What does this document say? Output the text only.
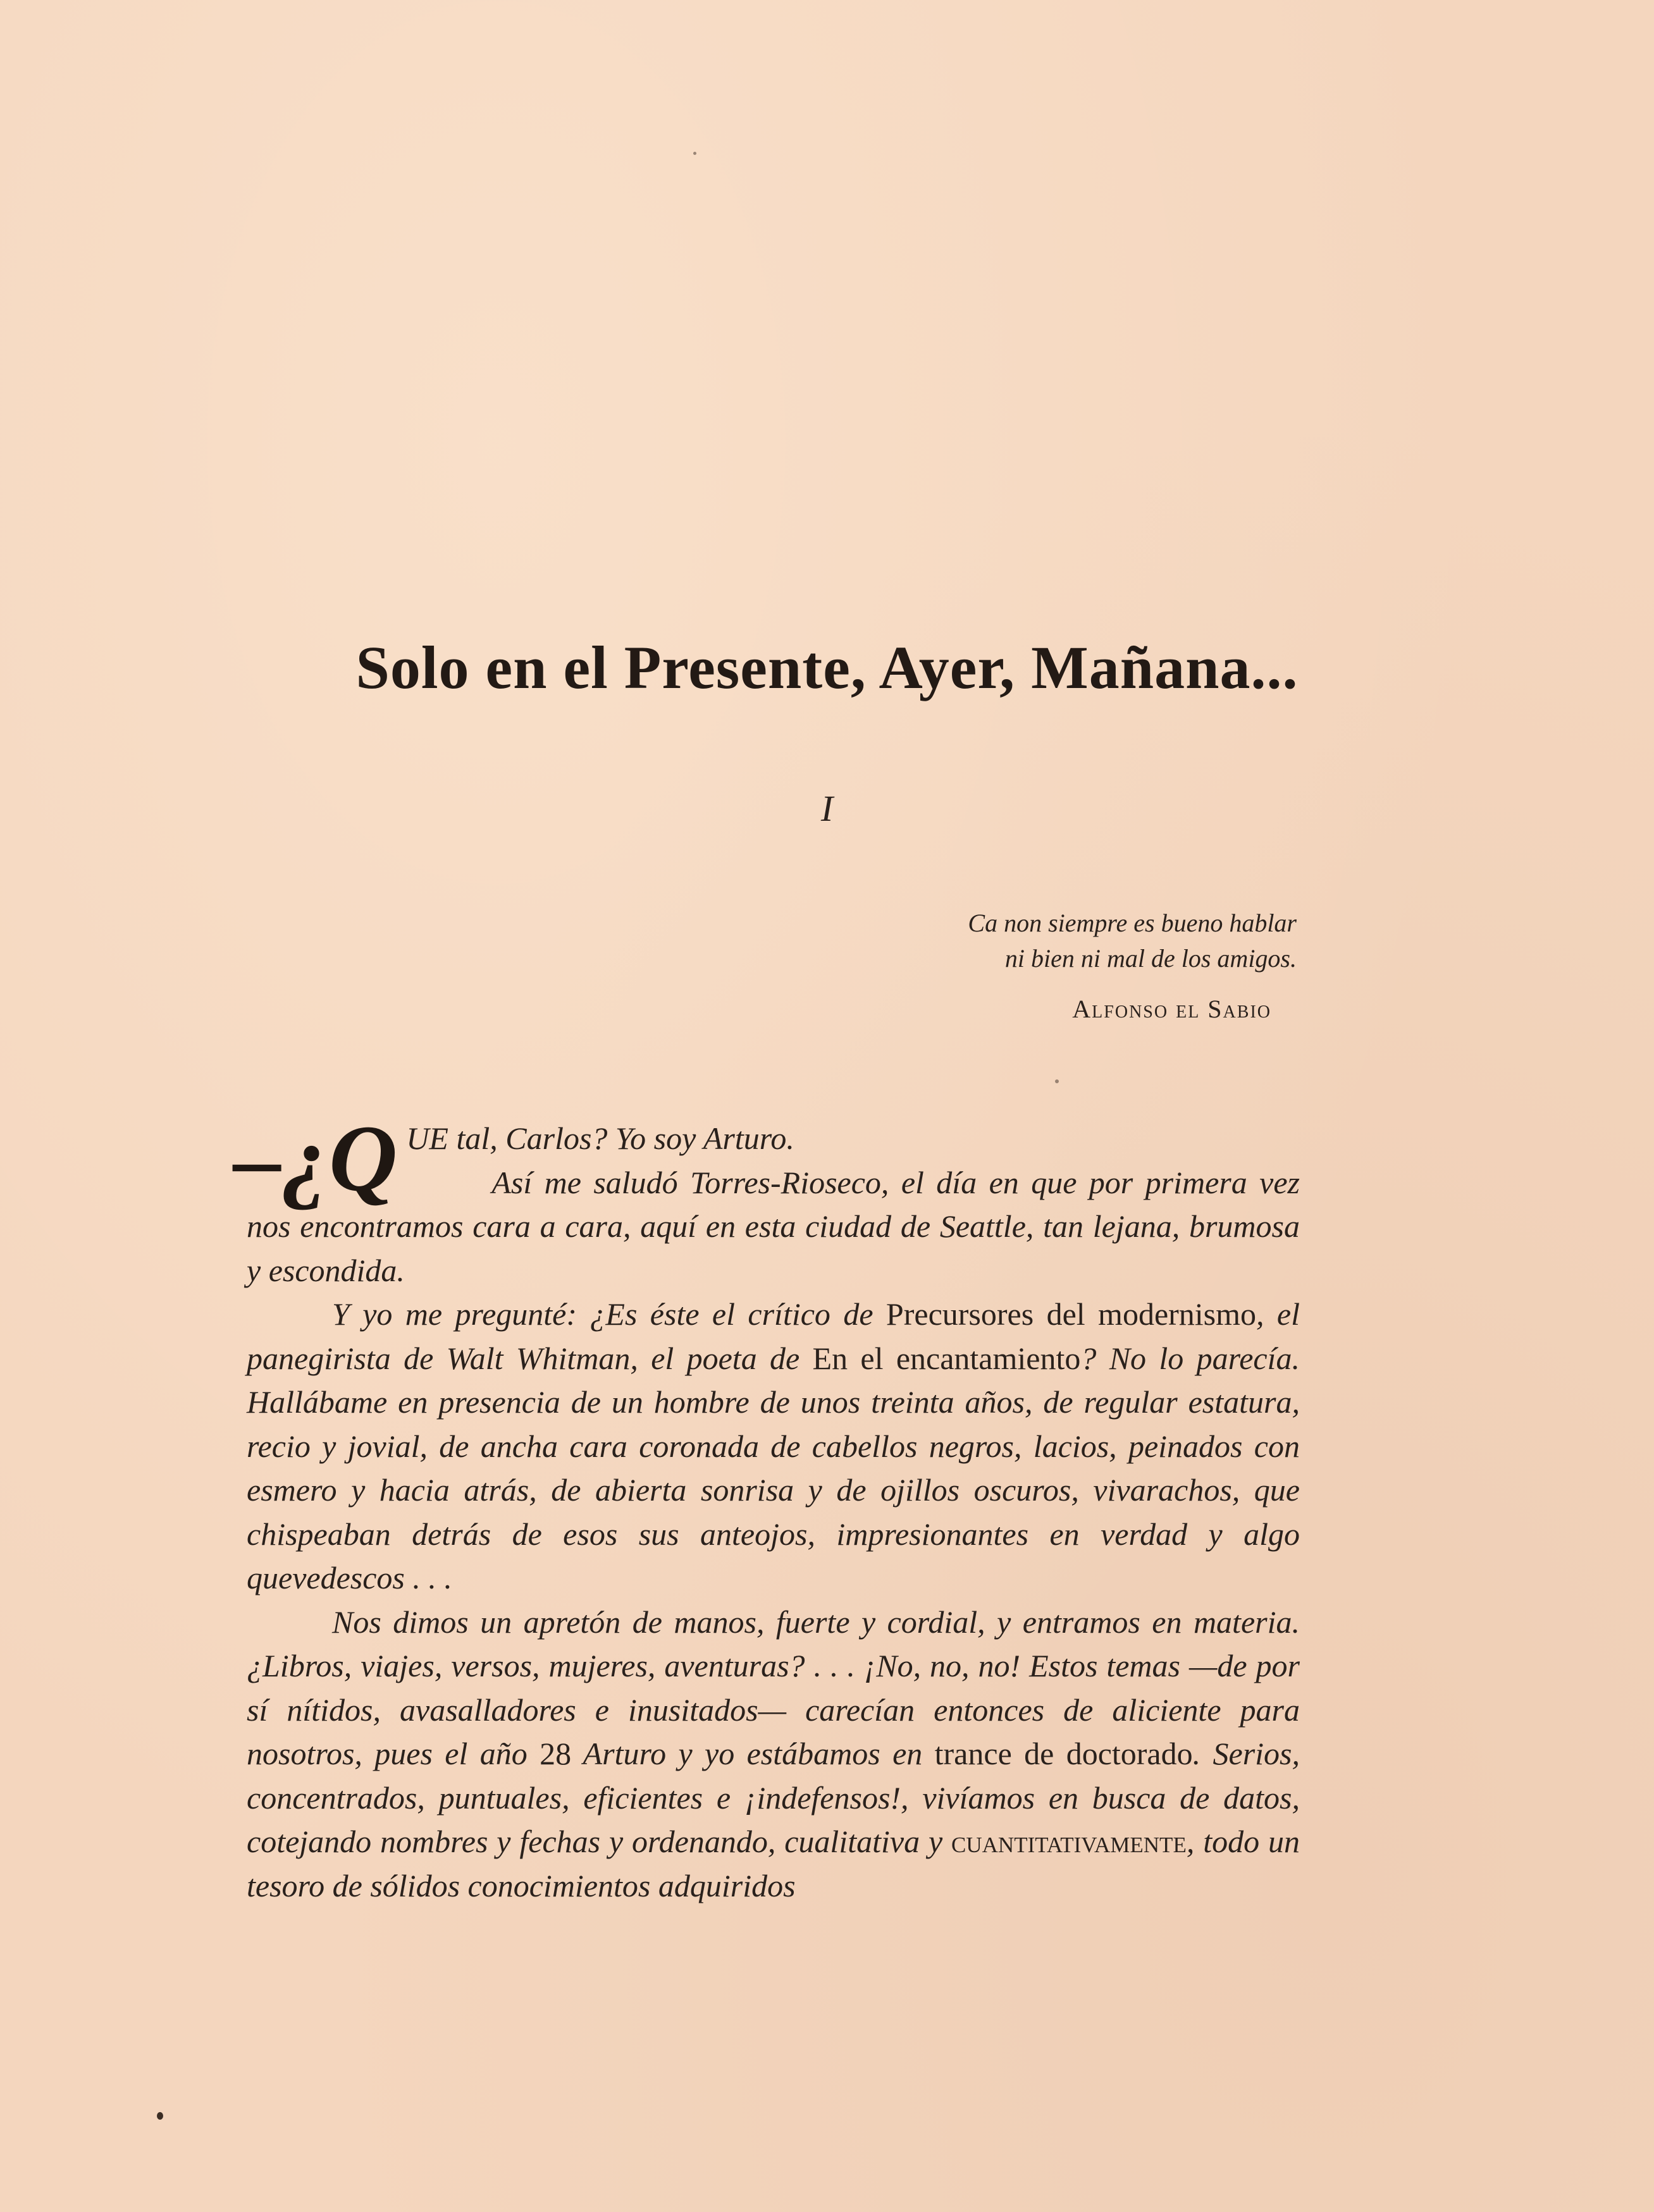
Solo en el Presente, Ayer, Mañana...
I
Ca non siempre es bueno hablar
ni bien ni mal de los amigos.
Alfonso el Sabio

–¿Q UE tal, Carlos? Yo soy Arturo.
Así me saludó Torres-Rioseco, el día en que por primera vez nos encontramos cara a cara, aquí en esta ciudad de Seattle, tan lejana, brumosa y escondida.

Y yo me pregunté: ¿Es éste el crítico de Precursores del modernismo, el panegirista de Walt Whitman, el poeta de En el encantamiento? No lo parecía. Hallábame en presencia de un hombre de unos treinta años, de regular estatura, recio y jovial, de ancha cara coronada de cabellos negros, lacios, peinados con esmero y hacia atrás, de abierta sonrisa y de ojillos oscuros, vivarachos, que chispeaban detrás de esos sus anteojos, impresionantes en verdad y algo quevedescos . . .

Nos dimos un apretón de manos, fuerte y cordial, y entramos en materia. ¿Libros, viajes, versos, mujeres, aventuras? . . . ¡No, no, no! Estos temas —de por sí nítidos, avasalladores e inusitados— carecían entonces de aliciente para nosotros, pues el año 28 Arturo y yo estábamos en trance de doctorado. Serios, concentrados, puntuales, eficientes e ¡indefensos!, vivíamos en busca de datos, cotejando nombres y fechas y ordenando, cualitativa y cuantitativamente, todo un tesoro de sólidos conocimientos adquiridos
